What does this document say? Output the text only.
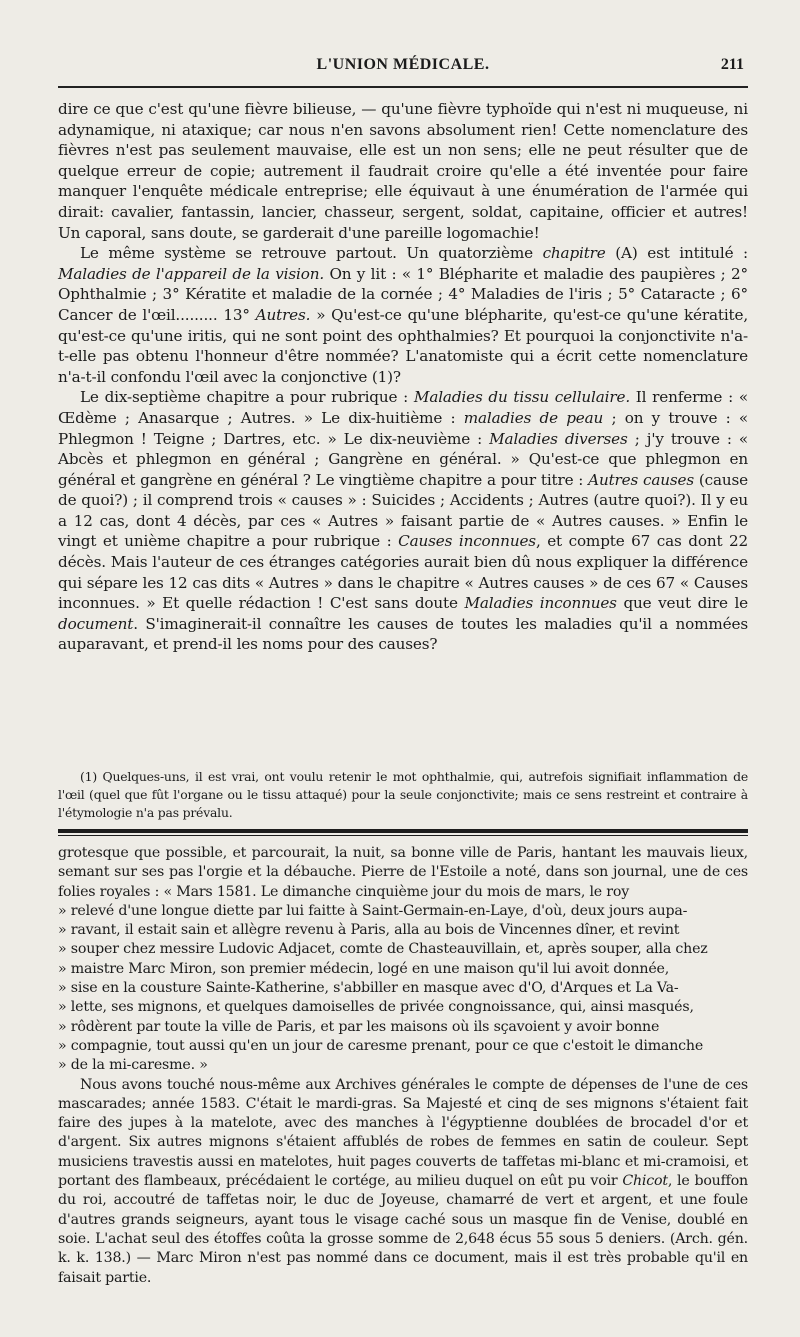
L'UNION MÉDICALE.	211

dire ce que c'est qu'une fièvre bilieuse, — qu'une fièvre typhoïde qui n'est ni muqueuse, ni adynamique, ni ataxique; car nous n'en savons absolument rien! Cette nomenclature des fièvres n'est pas seulement mauvaise, elle est un non sens; elle ne peut résulter que de quelque erreur de copie; autrement il faudrait croire qu'elle a été inventée pour faire manquer l'enquête médicale entreprise; elle équivaut à une énumération de l'armée qui dirait: cavalier, fantassin, lancier, chasseur, sergent, soldat, capitaine, officier et autres! Un caporal, sans doute, se garderait d'une pareille logomachie!

Le même système se retrouve partout. Un quatorzième chapitre (A) est intitulé : Maladies de l'appareil de la vision. On y lit : « 1° Blépharite et maladie des paupières ; 2° Ophthalmie ; 3° Kératite et maladie de la cornée ; 4° Maladies de l'iris ; 5° Cataracte ; 6° Cancer de l'œil......... 13° Autres. » Qu'est-ce qu'une blépharite, qu'est-ce qu'une kératite, qu'est-ce qu'une iritis, qui ne sont point des ophthalmies? Et pourquoi la conjonctivite n'a-t-elle pas obtenu l'honneur d'être nommée? L'anatomiste qui a écrit cette nomenclature n'a-t-il confondu l'œil avec la conjonctive (1)?

Le dix-septième chapitre a pour rubrique : Maladies du tissu cellulaire. Il renferme : « Œdème ; Anasarque ; Autres. » Le dix-huitième : maladies de peau ; on y trouve : « Phlegmon ! Teigne ; Dartres, etc. » Le dix-neuvième : Maladies diverses ; j'y trouve : « Abcès et phlegmon en général ; Gangrène en général. » Qu'est-ce que phlegmon en général et gangrène en général ? Le vingtième chapitre a pour titre : Autres causes (cause de quoi?) ; il comprend trois « causes » : Suicides ; Accidents ; Autres (autre quoi?). Il y eu a 12 cas, dont 4 décès, par ces « Autres » faisant partie de « Autres causes. » Enfin le vingt et unième chapitre a pour rubrique : Causes inconnues, et compte 67 cas dont 22 décès. Mais l'auteur de ces étranges catégories aurait bien dû nous expliquer la différence qui sépare les 12 cas dits « Autres » dans le chapitre « Autres causes » de ces 67 « Causes inconnues. » Et quelle rédaction ! C'est sans doute Maladies inconnues que veut dire le document. S'imaginerait-il connaître les causes de toutes les maladies qu'il a nommées auparavant, et prend-il les noms pour des causes?

(1) Quelques-uns, il est vrai, ont voulu retenir le mot ophthalmie, qui, autrefois signifiait inflammation de l'œil (quel que fût l'organe ou le tissu attaqué) pour la seule conjonctivite; mais ce sens restreint et contraire à l'étymologie n'a pas prévalu.

grotesque que possible, et parcourait, la nuit, sa bonne ville de Paris, hantant les mauvais lieux, semant sur ses pas l'orgie et la débauche. Pierre de l'Estoile a noté, dans son journal, une de ces folies royales : « Mars 1581. Le dimanche cinquième jour du mois de mars, le roy

» relevé d'une longue diette par lui faitte à Saint-Germain-en-Laye, d'où, deux jours aupa-
» ravant, il estait sain et allègre revenu à Paris, alla au bois de Vincennes dîner, et revint
» souper chez messire Ludovic Adjacet, comte de Chasteauvillain, et, après souper, alla chez
» maistre Marc Miron, son premier médecin, logé en une maison qu'il lui avoit donnée,
» sise en la cousture Sainte-Katherine, s'abbiller en masque avec d'O, d'Arques et La Va-
» lette, ses mignons, et quelques damoiselles de privée congnoissance, qui, ainsi masqués,
» rôdèrent par toute la ville de Paris, et par les maisons où ils sçavoient y avoir bonne
» compagnie, tout aussi qu'en un jour de caresme prenant, pour ce que c'estoit le dimanche
» de la mi-caresme. »

Nous avons touché nous-même aux Archives générales le compte de dépenses de l'une de ces mascarades; année 1583. C'était le mardi-gras. Sa Majesté et cinq de ses mignons s'étaient fait faire des jupes à la matelote, avec des manches à l'égyptienne doublées de brocadel d'or et d'argent. Six autres mignons s'étaient affublés de robes de femmes en satin de couleur. Sept musiciens travestis aussi en matelotes, huit pages couverts de taffetas mi-blanc et mi-cramoisi, et portant des flambeaux, précédaient le cortége, au milieu duquel on eût pu voir Chicot, le bouffon du roi, accoutré de taffetas noir, le duc de Joyeuse, chamarré de vert et argent, et une foule d'autres grands seigneurs, ayant tous le visage caché sous un masque fin de Venise, doublé en soie. L'achat seul des étoffes coûta la grosse somme de 2,648 écus 55 sous 5 deniers. (Arch. gén. k. k. 138.) — Marc Miron n'est pas nommé dans ce document, mais il est très probable qu'il en faisait partie.
